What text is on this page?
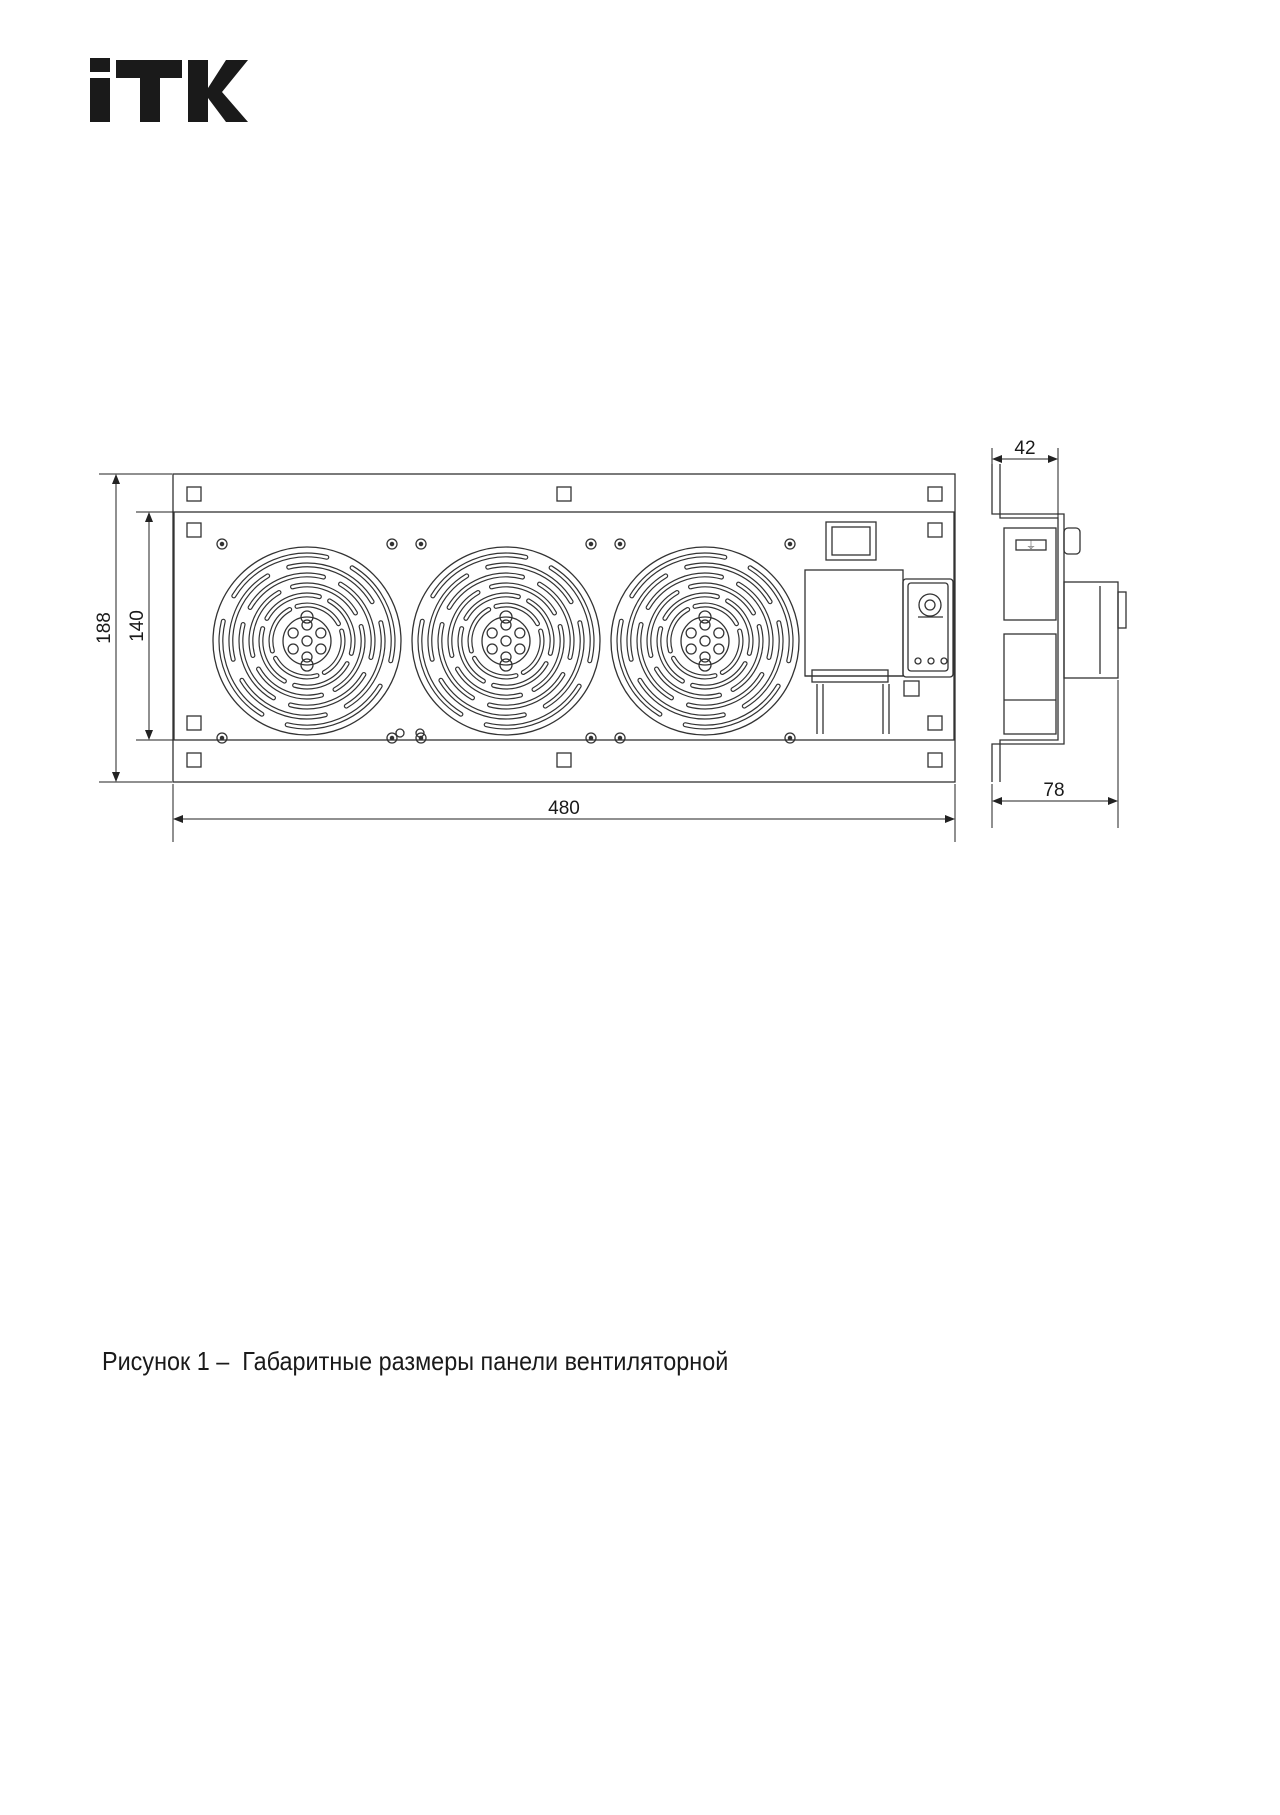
⏚
188 140
480
42
78
Рисунок 1 –  Габаритные размеры панели вентиляторной
